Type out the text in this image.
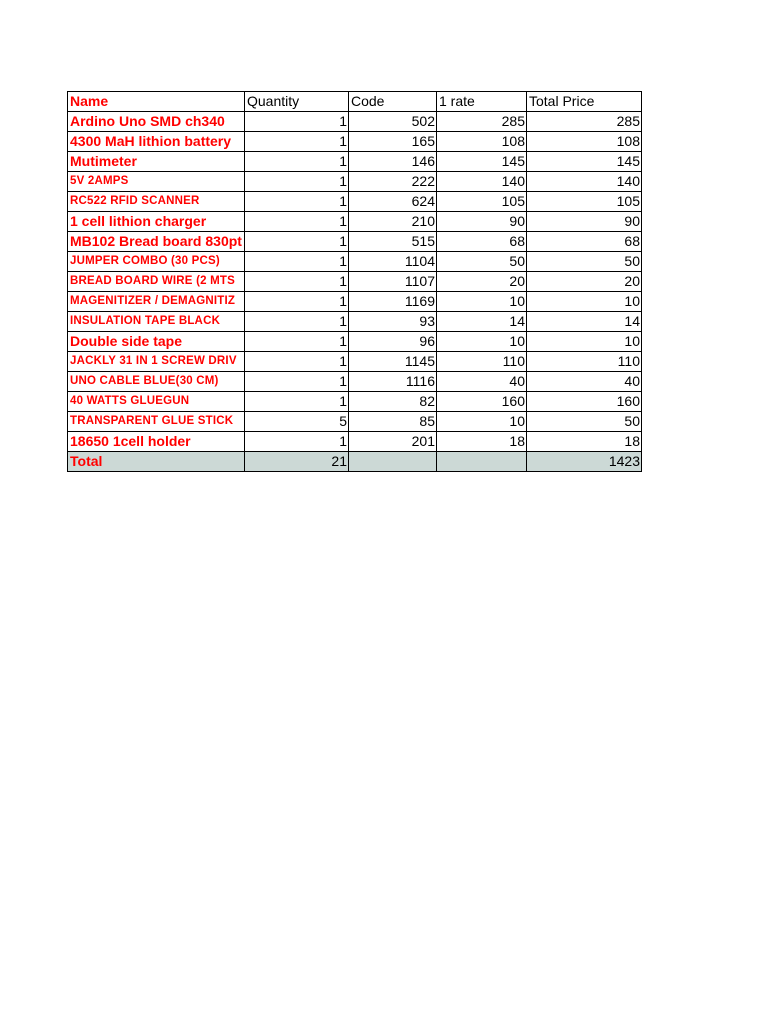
Name	Quantity	Code	1 rate	Total Price
Ardino Uno SMD ch340	1	502	285	285
4300 MaH lithion battery	1	165	108	108
Mutimeter	1	146	145	145
5V 2AMPS	1	222	140	140
RC522 RFID SCANNER	1	624	105	105
1 cell lithion charger	1	210	90	90
MB102 Bread board 830pt	1	515	68	68
JUMPER COMBO (30 PCS)	1	1104	50	50
BREAD BOARD WIRE (2 MTS	1	1107	20	20
MAGENITIZER / DEMAGNITIZ	1	1169	10	10
INSULATION TAPE BLACK	1	93	14	14
Double side tape	1	96	10	10
JACKLY 31 IN 1 SCREW DRIV	1	1145	110	110
UNO CABLE BLUE(30 CM)	1	1116	40	40
40 WATTS GLUEGUN	1	82	160	160
TRANSPARENT GLUE STICK	5	85	10	50
18650 1cell holder	1	201	18	18
Total	21			1423
